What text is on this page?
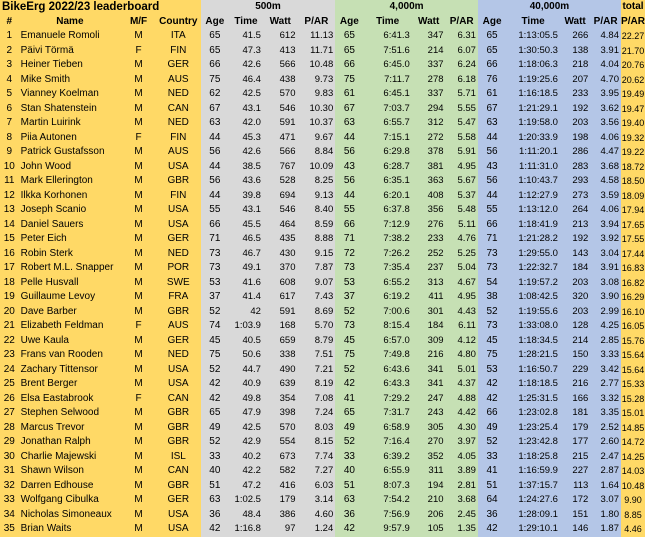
BikeErg 2022/23 leaderboard				500m				4,000m				40,000m				total
#	Name	M/F	Country	Age	Time	Watt	P/AR	Age	Time	Watt	P/AR	Age	Time	Watt	P/AR	P/AR
1	Emanuele Romoli	M	ITA	65	41.5	612	11.13	65	6:41.3	347	6.31	65	1:13:05.5	266	4.84	22.27
2	Päivi Törmä	F	FIN	65	47.3	413	11.71	65	7:51.6	214	6.07	65	1:30:50.3	138	3.91	21.70
3	Heiner Tieben	M	GER	66	42.6	566	10.48	66	6:45.0	337	6.24	66	1:18:06.3	218	4.04	20.76
4	Mike Smith	M	AUS	75	46.4	438	9.73	75	7:11.7	278	6.18	76	1:19:25.6	207	4.70	20.62
5	Vianney Koelman	M	NED	62	42.5	570	9.83	61	6:45.1	337	5.71	61	1:16:18.5	233	3.95	19.49
6	Stan Shatenstein	M	CAN	67	43.1	546	10.30	67	7:03.7	294	5.55	67	1:21:29.1	192	3.62	19.47
7	Martin Luirink	M	NED	63	42.0	591	10.37	63	6:55.7	312	5.47	63	1:19:58.0	203	3.56	19.40
8	Piia Autonen	F	FIN	44	45.3	471	9.67	44	7:15.1	272	5.58	44	1:20:33.9	198	4.06	19.32
9	Patrick Gustafsson	M	AUS	56	42.6	566	8.84	56	6:29.8	378	5.91	56	1:11:20.1	286	4.47	19.22
10	John Wood	M	USA	44	38.5	767	10.09	43	6:28.7	381	4.95	43	1:11:31.0	283	3.68	18.72
11	Mark Ellerington	M	GBR	56	43.6	528	8.25	56	6:35.1	363	5.67	56	1:10:43.7	293	4.58	18.50
12	Ilkka Korhonen	M	FIN	44	39.8	694	9.13	44	6:20.1	408	5.37	44	1:12:27.9	273	3.59	18.09
13	Joseph Scanio	M	USA	55	43.1	546	8.40	55	6:37.8	356	5.48	55	1:13:12.0	264	4.06	17.94
14	Daniel Sauers	M	USA	66	45.5	464	8.59	66	7:12.9	276	5.11	66	1:18:41.9	213	3.94	17.65
15	Peter Eich	M	GER	71	46.5	435	8.88	71	7:38.2	233	4.76	71	1:21:28.2	192	3.92	17.55
16	Robin Sterk	M	NED	73	46.7	430	9.15	72	7:26.2	252	5.25	73	1:29:55.0	143	3.04	17.44
17	Robert M.L. Snapper	M	POR	73	49.1	370	7.87	73	7:35.4	237	5.04	73	1:22:32.7	184	3.91	16.83
18	Pelle Husvall	M	SWE	53	41.6	608	9.07	53	6:55.2	313	4.67	54	1:19:57.2	203	3.08	16.82
19	Guillaume Levoy	M	FRA	37	41.4	617	7.43	37	6:19.2	411	4.95	38	1:08:42.5	320	3.90	16.29
20	Dave Barber	M	GBR	52	42	591	8.69	52	7:00.6	301	4.43	52	1:19:55.6	203	2.99	16.10
21	Elizabeth Feldman	F	AUS	74	1:03.9	168	5.70	73	8:15.4	184	6.11	73	1:33:08.0	128	4.25	16.05
22	Uwe Kaula	M	GER	45	40.5	659	8.79	45	6:57.0	309	4.12	45	1:18:34.5	214	2.85	15.76
23	Frans van Rooden	M	NED	75	50.6	338	7.51	75	7:49.8	216	4.80	75	1:28:21.5	150	3.33	15.64
24	Zachary Tittensor	M	USA	52	44.7	490	7.21	52	6:43.6	341	5.01	53	1:16:50.7	229	3.42	15.64
25	Brent Berger	M	USA	42	40.9	639	8.19	42	6:43.3	341	4.37	42	1:18:18.5	216	2.77	15.33
26	Elsa Eastabrook	F	CAN	42	49.8	354	7.08	41	7:29.2	247	4.88	42	1:25:31.5	166	3.32	15.28
27	Stephen Selwood	M	GBR	65	47.9	398	7.24	65	7:31.7	243	4.42	66	1:23:02.8	181	3.35	15.01
28	Marcus Trevor	M	GBR	49	42.5	570	8.03	49	6:58.9	305	4.30	49	1:23:25.4	179	2.52	14.85
29	Jonathan Ralph	M	GBR	52	42.9	554	8.15	52	7:16.4	270	3.97	52	1:23:42.8	177	2.60	14.72
30	Charlie Majewski	M	ISL	33	40.2	673	7.74	33	6:39.2	352	4.05	33	1:18:25.8	215	2.47	14.25
31	Shawn Wilson	M	CAN	40	42.2	582	7.27	40	6:55.9	311	3.89	41	1:16:59.9	227	2.87	14.03
32	Darren Edhouse	M	GBR	51	47.2	416	6.03	51	8:07.3	194	2.81	51	1:37:15.7	113	1.64	10.48
33	Wolfgang Cibulka	M	GER	63	1:02.5	179	3.14	63	7:54.2	210	3.68	64	1:24:27.6	172	3.07	9.90
34	Nicholas Simoneaux	M	USA	36	48.4	386	4.60	36	7:56.9	206	2.45	36	1:28:09.1	151	1.80	8.85
35	Brian Waits	M	USA	42	1:16.8	97	1.24	42	9:57.9	105	1.35	42	1:29:10.1	146	1.87	4.46
